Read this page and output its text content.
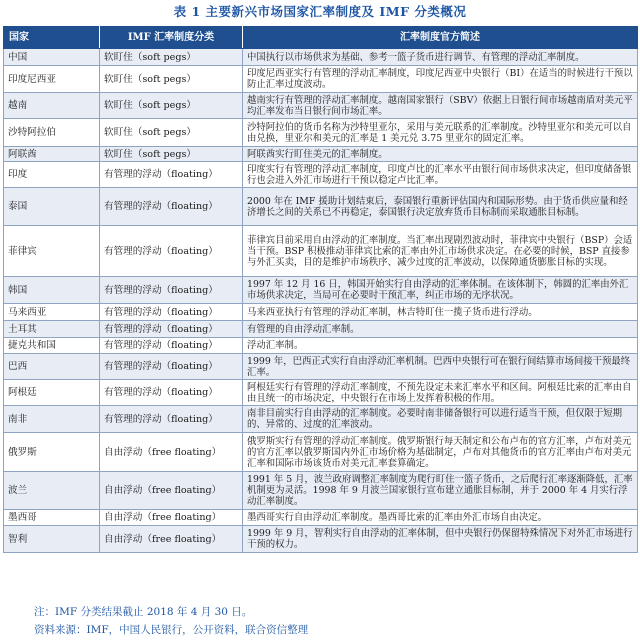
表 1 主要新兴市场国家汇率制度及 IMF 分类概况
国家	IMF 汇率制度分类	汇率制度官方简述
中国	软盯住（soft pegs）	中国执行以市场供求为基础、参考一篮子货币进行调节、有管理的浮动汇率制度。
印度尼西亚	软盯住（soft pegs）	印度尼西亚实行有管理的浮动汇率制度，印度尼西亚中央银行（BI）在适当的时候进行干预以防止汇率过度波动。
越南	软盯住（soft pegs）	越南实行有管理的浮动汇率制度。越南国家银行（SBV）依据上日银行间市场越南盾对美元平均汇率发布当日银行间市场汇率。
沙特阿拉伯	软盯住（soft pegs）	沙特阿拉伯的货币名称为沙特里亚尔，采用与美元联系的汇率制度。沙特里亚尔和美元可以自由兑换，里亚尔和美元的汇率是 1 美元兑 3.75 里亚尔的固定汇率。
阿联酋	软盯住（soft pegs）	阿联酋实行盯住美元的汇率制度。
印度	有管理的浮动（floating）	印度实行有管理的浮动汇率制度，印度卢比的汇率水平由银行间市场供求决定，但印度储备银行也会进入外汇市场进行干预以稳定卢比汇率。
泰国	有管理的浮动（floating）	2000 年在 IMF 援助计划结束后，泰国银行重新评估国内和国际形势。由于货币供应量和经济增长之间的关系已不再稳定，泰国银行决定放弃货币目标制而采取通胀目标制。
菲律宾	有管理的浮动（floating）	菲律宾目前采用自由浮动的汇率制度。当汇率出现剧烈波动时，菲律宾中央银行（BSP）会适当干预。BSP 积极推动菲律宾比索的汇率由外汇市场供求决定。在必要的时候，BSP 直接参与外汇买卖，目的是维护市场秩序、减少过度的汇率波动，以保障通货膨胀目标的实现。
韩国	有管理的浮动（floating）	1997 年 12 月 16 日，韩国开始实行自由浮动的汇率体制。在该体制下，韩圆的汇率由外汇市场供求决定，当局可在必要时干预汇率，纠正市场的无序状况。
马来西亚	有管理的浮动（floating）	马来西亚执行有管理的浮动汇率制，林吉特盯住一揽子货币进行浮动。
土耳其	有管理的浮动（floating）	有管理的自由浮动汇率制。
捷克共和国	有管理的浮动（floating）	浮动汇率制。
巴西	有管理的浮动（floating）	1999 年，巴西正式实行自由浮动汇率机制。巴西中央银行可在银行间结算市场间接干预最终汇率。
阿根廷	有管理的浮动（floating）	阿根廷实行有管理的浮动汇率制度，不预先设定未来汇率水平和区间。阿根廷比索的汇率由自由且统一的市场决定，中央银行在市场上发挥着积极的作用。
南非	有管理的浮动（floating）	南非目前实行自由浮动的汇率制度。必要时南非储备银行可以进行适当干预，但仅限于短期的、异常的、过度的汇率波动。
俄罗斯	自由浮动（free floating）	俄罗斯实行有管理的浮动汇率制度。俄罗斯银行每天制定和公布卢布的官方汇率，卢布对美元的官方汇率以俄罗斯国内外汇市场价格为基础制定，卢布对其他货币的官方汇率由卢布对美元汇率和国际市场该货币对美元汇率套算确定。
波兰	自由浮动（free floating）	1991 年 5 月，波兰政府调整汇率制度为爬行盯住一篮子货币，之后爬行汇率逐渐降低，汇率机制更为灵活。1998 年 9 月波兰国家银行宣布建立通胀目标制，并于 2000 年 4 月实行浮动汇率制度。
墨西哥	自由浮动（free floating）	墨西哥实行自由浮动汇率制度。墨西哥比索的汇率由外汇市场自由决定。
智利	自由浮动（free floating）	1999 年 9 月，智利实行自由浮动的汇率体制，但中央银行仍保留特殊情况下对外汇市场进行干预的权力。
注：IMF 分类结果截止 2018 年 4 月 30 日。
资料来源：IMF，中国人民银行，公开资料，联合资信整理
